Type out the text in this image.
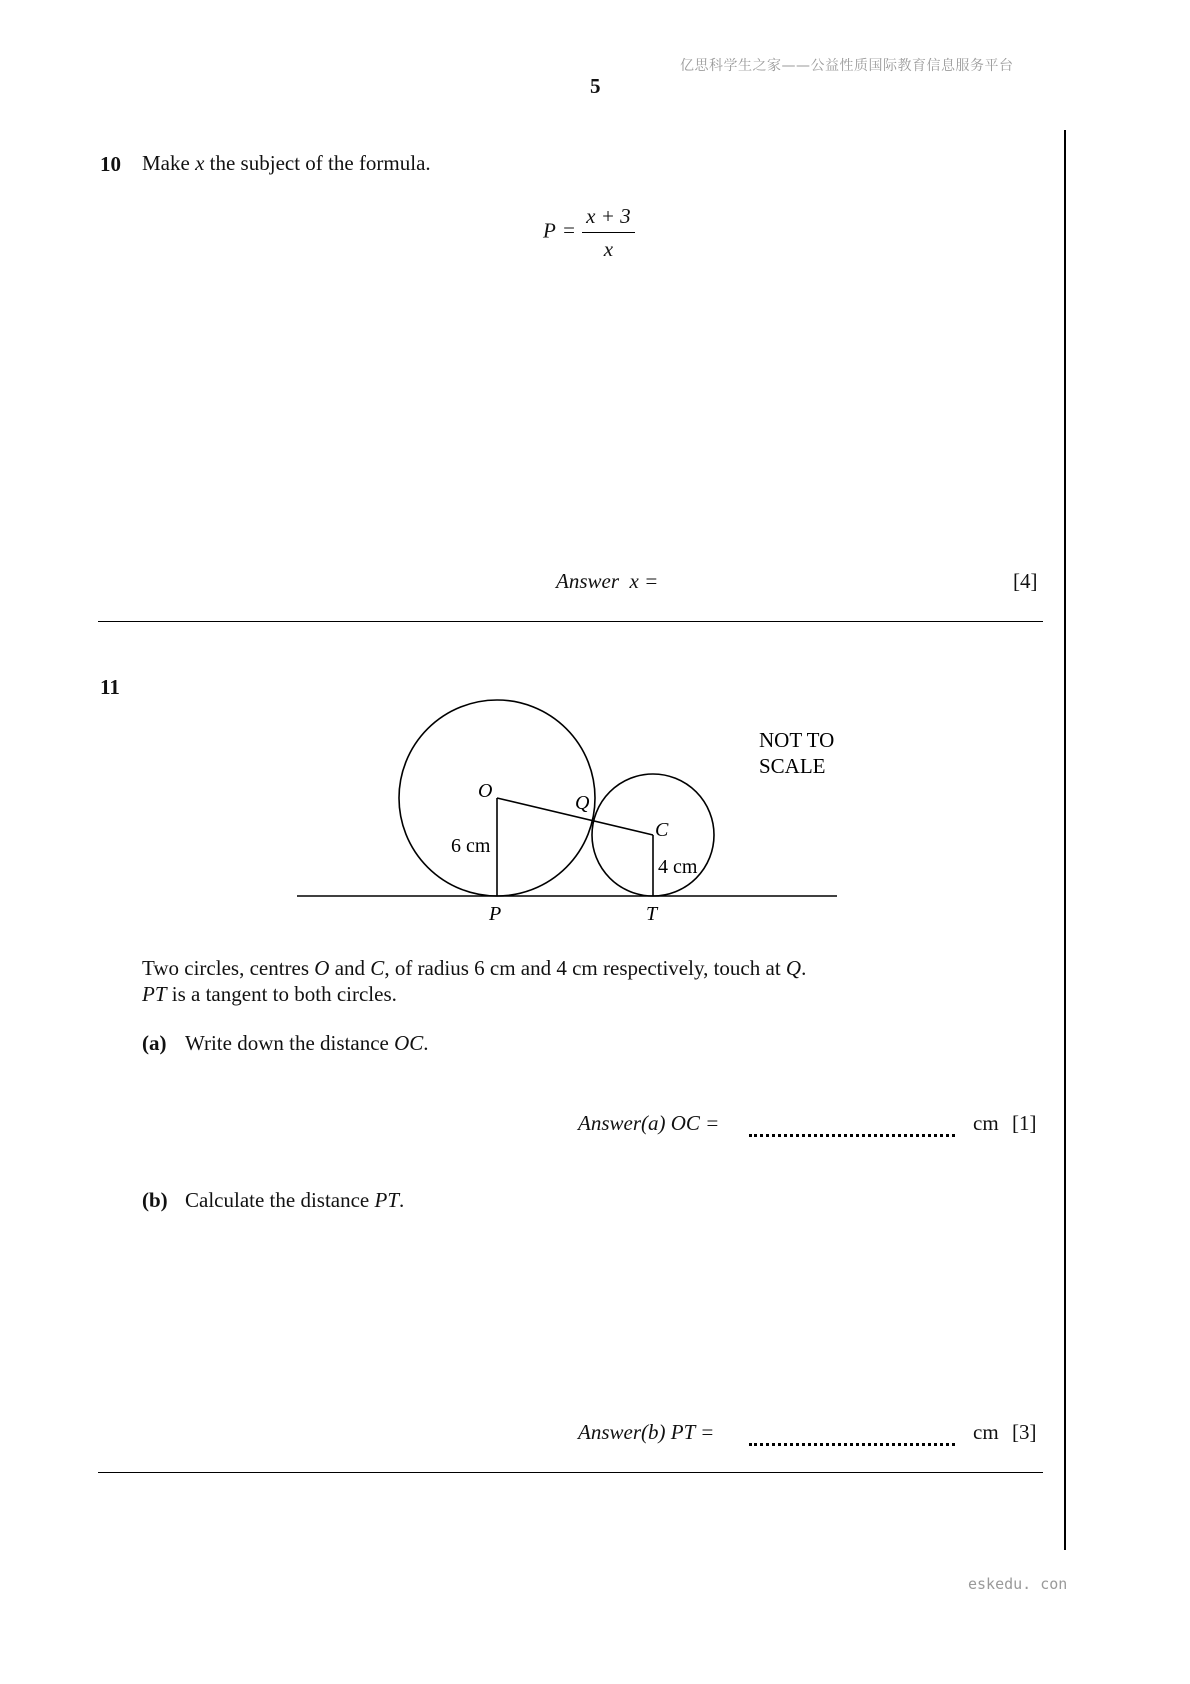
亿思科学生之家——公益性质国际教育信息服务平台
5
10 Make x the subject of the formula.
$P = \frac{x + 3}{x}$
Answer x =	[4]
11
O
Q
C
P	T
6 cm
4 cm
NOT TO
SCALE
Two circles, centres O and C, of radius 6 cm and 4 cm respectively, touch at Q.
PT is a tangent to both circles.
(a) Write down the distance OC.
Answer(a) OC =	cm [1]
(b) Calculate the distance PT.
Answer(b) PT =	cm [3]
eskedu. con
